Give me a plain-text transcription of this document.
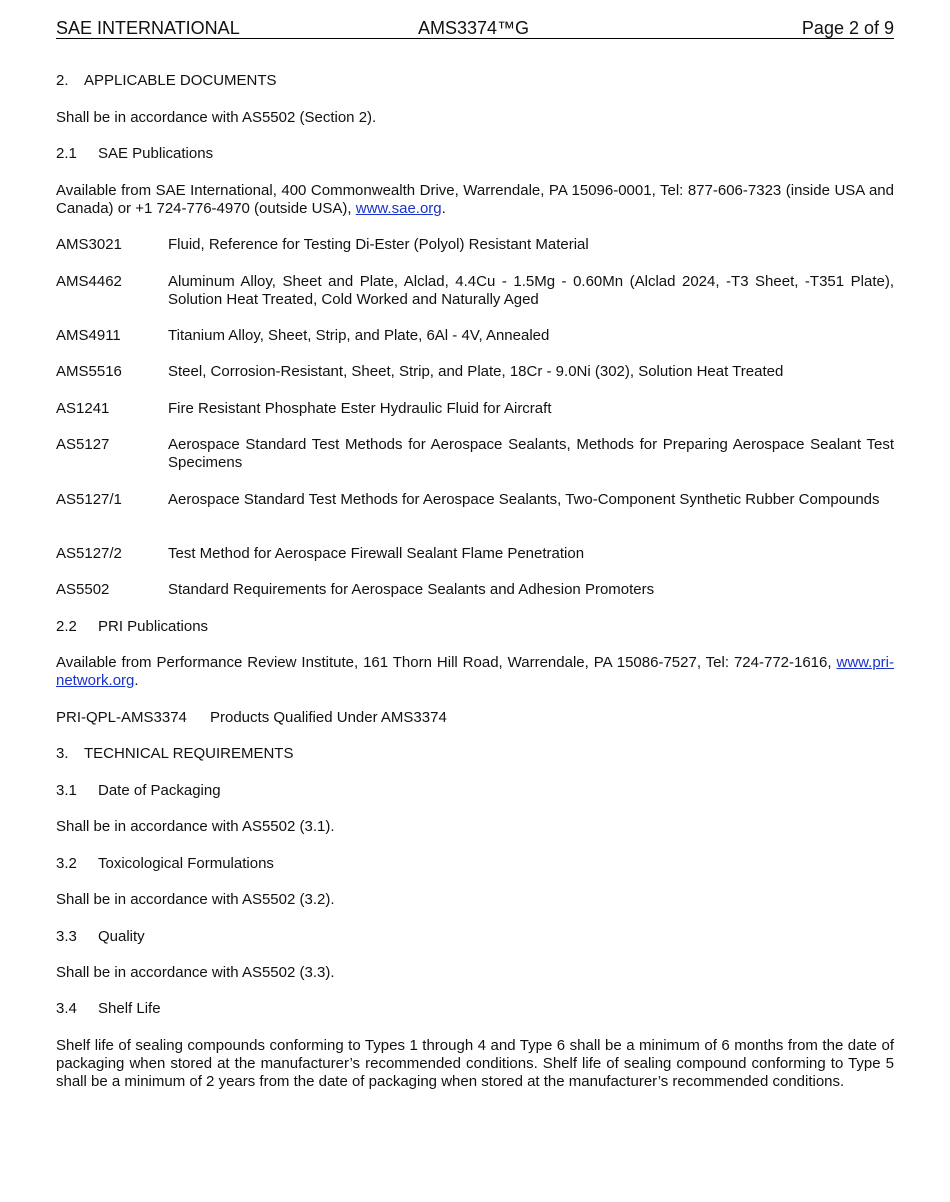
SAE INTERNATIONAL	AMS3374™G	Page 2 of 9
2. APPLICABLE DOCUMENTS
Shall be in accordance with AS5502 (Section 2).
2.1 SAE Publications
Available from SAE International, 400 Commonwealth Drive, Warrendale, PA 15096-0001, Tel: 877-606-7323 (inside USA and Canada) or +1 724-776-4970 (outside USA), www.sae.org.
AMS3021	Fluid, Reference for Testing Di-Ester (Polyol) Resistant Material
AMS4462	Aluminum Alloy, Sheet and Plate, Alclad, 4.4Cu - 1.5Mg - 0.60Mn (Alclad 2024, -T3 Sheet, -T351 Plate), Solution Heat Treated, Cold Worked and Naturally Aged
AMS4911	Titanium Alloy, Sheet, Strip, and Plate, 6Al - 4V, Annealed
AMS5516	Steel, Corrosion-Resistant, Sheet, Strip, and Plate, 18Cr - 9.0Ni (302), Solution Heat Treated
AS1241	Fire Resistant Phosphate Ester Hydraulic Fluid for Aircraft
AS5127	Aerospace Standard Test Methods for Aerospace Sealants, Methods for Preparing Aerospace Sealant Test Specimens
AS5127/1	Aerospace Standard Test Methods for Aerospace Sealants, Two-Component Synthetic Rubber Compounds
AS5127/2	Test Method for Aerospace Firewall Sealant Flame Penetration
AS5502	Standard Requirements for Aerospace Sealants and Adhesion Promoters
2.2 PRI Publications
Available from Performance Review Institute, 161 Thorn Hill Road, Warrendale, PA 15086-7527, Tel: 724-772-1616, www.pri-network.org.
PRI-QPL-AMS3374 Products Qualified Under AMS3374
3. TECHNICAL REQUIREMENTS
3.1 Date of Packaging
Shall be in accordance with AS5502 (3.1).
3.2 Toxicological Formulations
Shall be in accordance with AS5502 (3.2).
3.3 Quality
Shall be in accordance with AS5502 (3.3).
3.4 Shelf Life
Shelf life of sealing compounds conforming to Types 1 through 4 and Type 6 shall be a minimum of 6 months from the date of packaging when stored at the manufacturer’s recommended conditions. Shelf life of sealing compound conforming to Type 5 shall be a minimum of 2 years from the date of packaging when stored at the manufacturer’s recommended conditions.
